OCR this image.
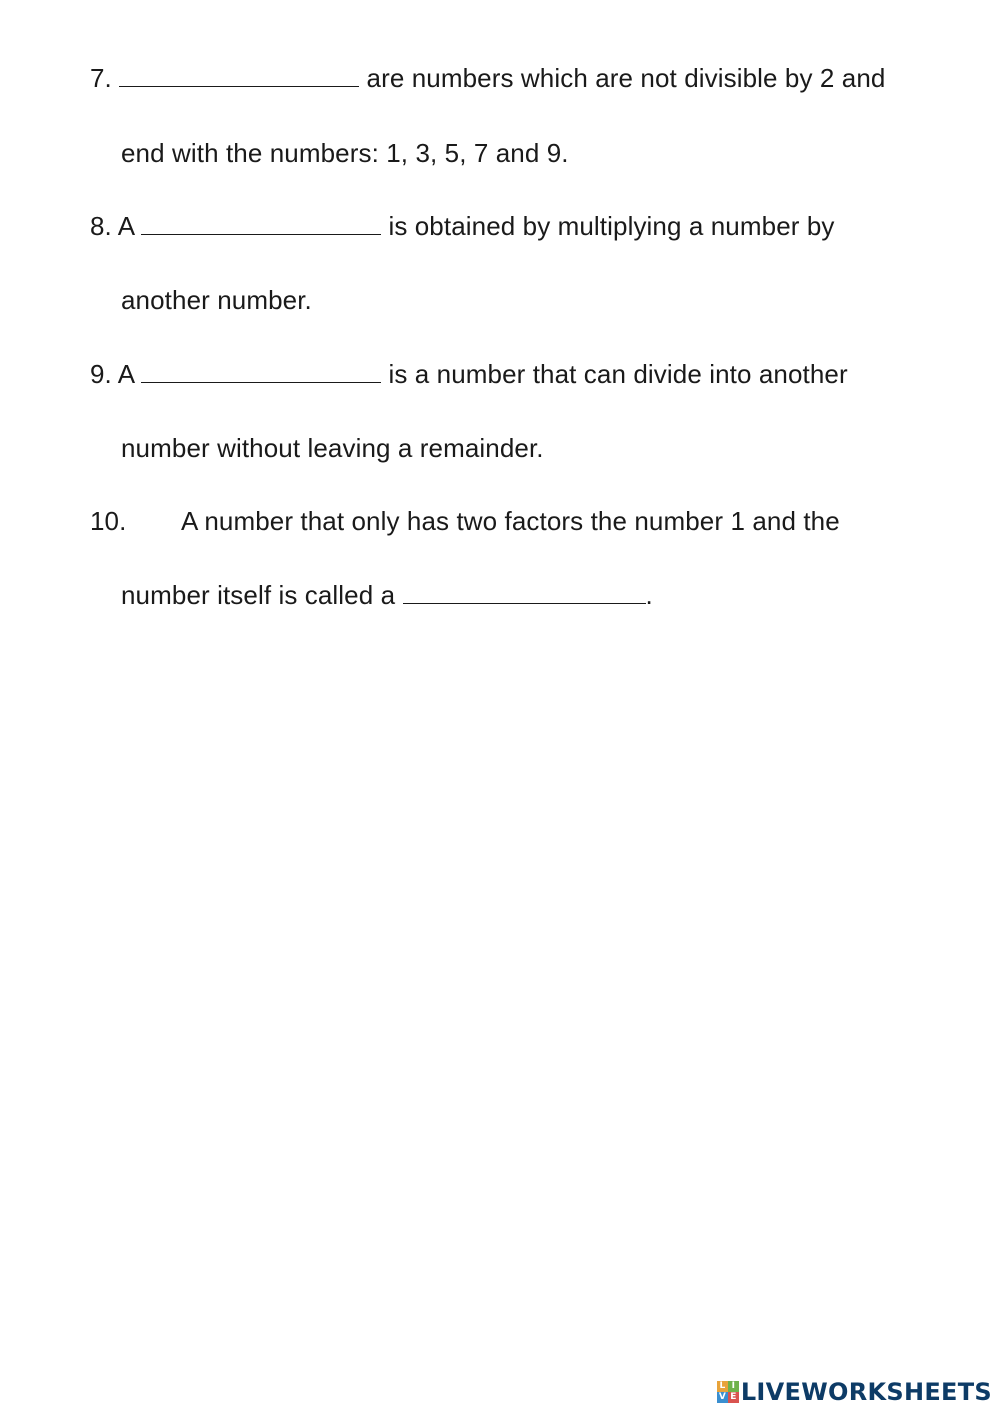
7.	are numbers which are not divisible by 2 and
end with the numbers: 1, 3, 5, 7 and 9.
8. A	is obtained by multiplying a number by
another number.
9. A	is a number that can divide into another
number without leaving a remainder.
10. A number that only has two factors the number 1 and the
number itself is called a	.
L I
V E LIVEWORKSHEETS
